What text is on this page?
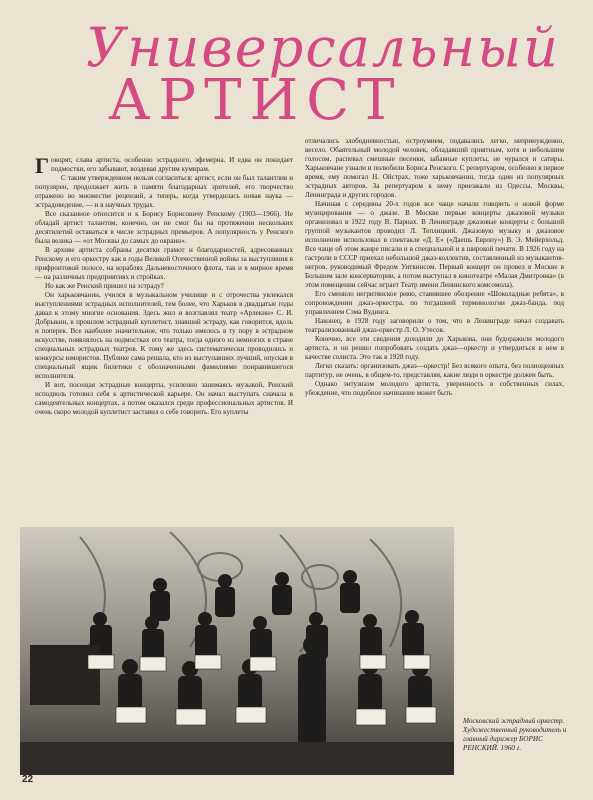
Универсальный
АРТИСТ

Говорят, слава артиста, особенно эстрадного, эфемерна. И едва он покидает подмостки, его забывают, воздевая другим кумирам.

С таким утверждением нельзя согласиться: артист, если он был талантлив и популярен, продолжает жить в памяти благодарных зрителей, его творчество отражено во множестве рецензий, а теперь, когда утвердилась новая наука — эстрадоведение, — и в научных трудах.

Все сказанное относится и к Борису Борисовичу Ренскому (1903—1966). Не обладай артист талантом, конечно, он не смог бы на протяжении нескольких десятилетий оставаться в числе эстрадных премьеров. А популярность у Ренского была велика — «от Москвы до самых до окраин».

В архиве артиста собраны десятки грамот и благодарностей, адресованных Ренскому и его оркестру как в годы Великой Отечественной войны за выступления в прифронтовой полосе, на кораблях Дальневосточного флота, так и в мирное время — на различных предприятиях и стройках.

Но как же Ренский пришел на эстраду?

Он харьковчанин, учился в музыкальном училище и с отрочества увлекался выступлениями эстрадных исполнителей, тем более, что Харьков в двадцатые годы давал к этому многие основания. Здесь жил и возглавлял театр «Арлекин» С. И. Добрыкин, в прошлом эстрадный куплетист, знавший эстраду, как говорится, вдоль и поперек. Все наиболее значительное, что только имелось в ту пору в эстрадном искусстве, появлялось на подмостках его театра, тогда одного из немногих в стране специальных эстрадных театров. К тому же здесь систематически проводились и конкурсы юмористов. Публике сама решала, кто из выступавших лучший, опуская в специальный ящик билетики с обозначенными фамилиями понравившегося исполнителя.

И вот, посещая эстрадные концерты, усиленно занимаясь музыкой, Ренский исподволь готовил себя к артистической карьере. Он начал выступать сначала в самодеятельных концертах, а потом оказался среди профессиональных артистов. И очень скоро молодой куплетист заставил о себе говорить. Его куплеты

отличались злободневностью, остроумием, подавались легко, непринужденно, весело. Обаятельный молодой человек, обладавший приятным, хотя и небольшим голосом, распевал смешные песенки, забавные куплеты, не чурался и сатиры. Харьковчане узнали и полюбили Бориса Ренского. С репертуаром, особенно в первое время, ему помогал Н. Ойстрах, тоже харьковчанин, тогда один из популярных эстрадных авторов. За репертуаром к нему приезжали из Одессы, Москвы, Ленинграда и других городов.

Начиная с середины 20-х годов все чаще начали говорить о новой форме музицирования — о джазе. В Москве первые концерты джазовой музыки организовал в 1922 году В. Парнах. В Ленинграде джазовые концерты с большой группой музыкантов проводил Л. Теплицкий. Джазовую музыку и джазовое исполнение использовал в спектакле «Д. Е» («Даешь Европу») В. Э. Мейерхольд. Все чаще об этом жанре писали и в специальной и в широкой печати. В 1926 году на гастроли в СССР приехал небольшой джаз-коллектив, составленный из музыкантов-негров, руководимый Фредом Уиткинсом. Первый концерт он провел в Москве в Большом зале консерватории, а потом выступал в кинотеатре «Малая Дмитровка» (в этом помещении сейчас играет Театр имени Ленинского комсомола).

Его сменило негритянское ревю, ставившее обозрение «Шоколадные ребята», в сопровождении джаз-оркестра, по тогдашней терминологии джаз-банда, под управлением Сэма Вудинга.

Наконец, в 1928 году заговорили о том, что в Ленинграде начал создавать театрализованный джаз-оркестр Л. О. Утесов.

Конечно, все эти сведения доходили до Харькова, они будоражили молодого артиста, и он решил попробовать создать джаз—оркестр и утвердиться в нем в качестве солиста. Это так в 1928 году.

Легко сказать: организовать джаз—оркестр! Без всякого опыта, без полноценных партитур, не очень, в общем-то, представляя, какие люди в оркестре должен быть.

Однако энтузиазм молодого артиста, уверенность в собственных силах, убеждение, что подобное начинание может быть

Московский эстрадный оркестр. Художественный руководитель и главный дирижер БОРИС РЕНСКИЙ. 1960 г.
22
